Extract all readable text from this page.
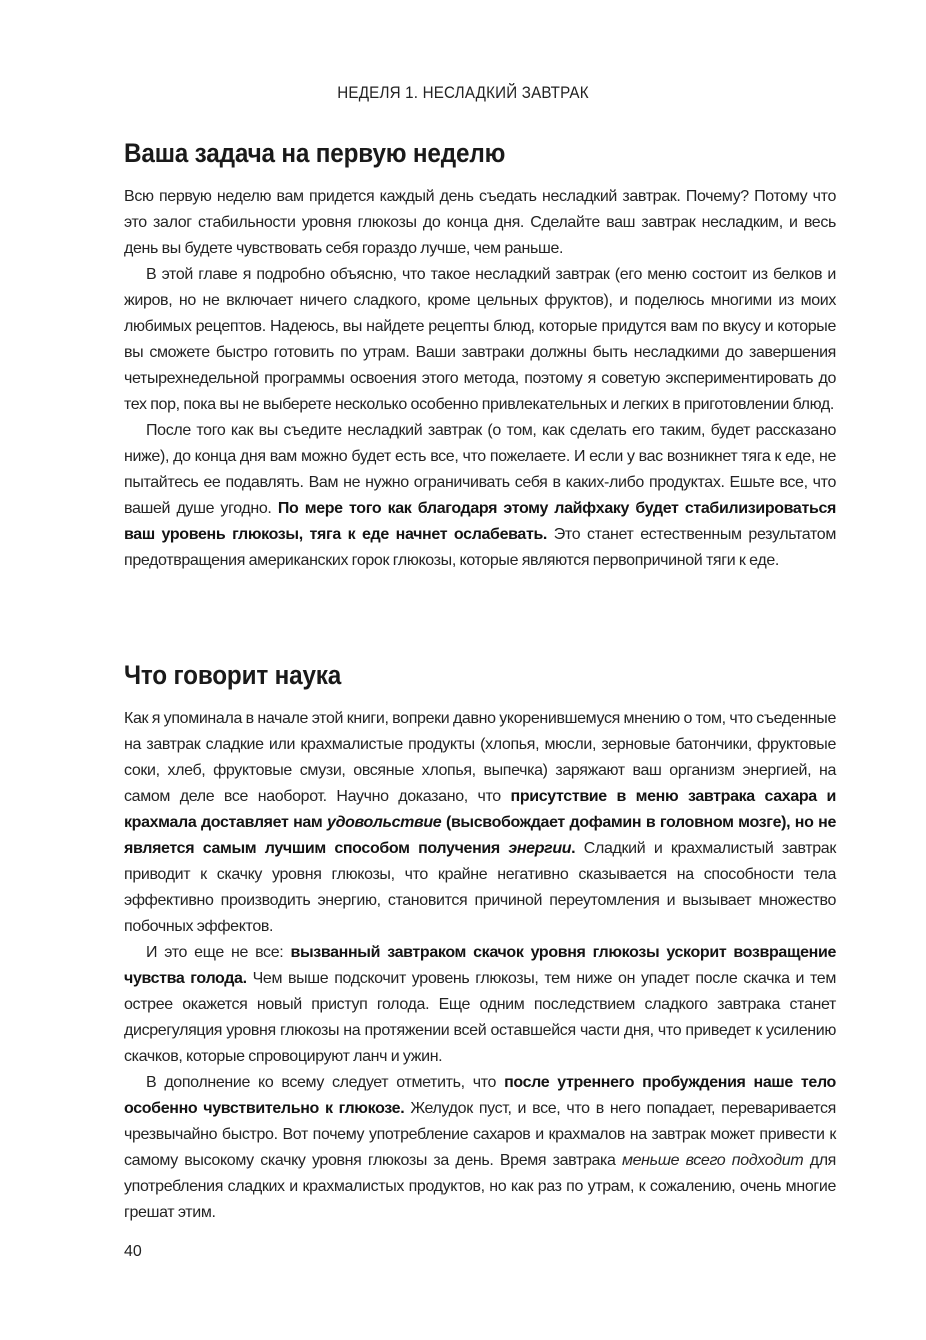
НЕДЕЛЯ 1. НЕСЛАДКИЙ ЗАВТРАК
Ваша задача на первую неделю

Всю первую неделю вам придется каждый день съедать несладкий завтрак. Почему? Потому что это залог стабильности уровня глюкозы до конца дня. Сделайте ваш завтрак несладким, и весь день вы будете чувствовать себя гораздо лучше, чем раньше.

В этой главе я подробно объясню, что такое несладкий завтрак (его меню состоит из белков и жиров, но не включает ничего сладкого, кроме цельных фруктов), и поделюсь многими из моих любимых рецептов. Надеюсь, вы найдете рецепты блюд, которые придутся вам по вкусу и которые вы сможете быстро готовить по утрам. Ваши завтраки должны быть несладкими до завершения четырехнедельной программы освоения этого метода, поэтому я советую экспериментировать до тех пор, пока вы не выберете несколько особенно привлекательных и легких в приготовлении блюд.

После того как вы съедите несладкий завтрак (о том, как сделать его таким, будет рассказано ниже), до конца дня вам можно будет есть все, что пожелаете. И если у вас возникнет тяга к еде, не пытайтесь ее подавлять. Вам не нужно ограничивать себя в каких-либо продуктах. Ешьте все, что вашей душе угодно. По мере того как благодаря этому лайфхаку будет стабилизироваться ваш уровень глюкозы, тяга к еде начнет ослабевать. Это станет естественным результатом предотвращения американских горок глюкозы, которые являются первопричиной тяги к еде.

Что говорит наука

Как я упоминала в начале этой книги, вопреки давно укоренившемуся мнению о том, что съеденные на завтрак сладкие или крахмалистые продукты (хлопья, мюсли, зерновые батончики, фруктовые соки, хлеб, фруктовые смузи, овсяные хлопья, выпечка) заряжают ваш организм энергией, на самом деле все наоборот. Научно доказано, что присутствие в меню завтрака сахара и крахмала доставляет нам удовольствие (высвобождает дофамин в головном мозге), но не является самым лучшим способом получения энергии. Сладкий и крахмалистый завтрак приводит к скачку уровня глюкозы, что крайне негативно сказывается на способности тела эффективно производить энергию, становится причиной переутомления и вызывает множество побочных эффектов.

И это еще не все: вызванный завтраком скачок уровня глюкозы ускорит возвращение чувства голода. Чем выше подскочит уровень глюкозы, тем ниже он упадет после скачка и тем острее окажется новый приступ голода. Еще одним последствием сладкого завтрака станет дисрегуляция уровня глюкозы на протяжении всей оставшейся части дня, что приведет к усилению скачков, которые спровоцируют ланч и ужин.

В дополнение ко всему следует отметить, что после утреннего пробуждения наше тело особенно чувствительно к глюкозе. Желудок пуст, и все, что в него попадает, переваривается чрезвычайно быстро. Вот почему употребление сахаров и крахмалов на завтрак может привести к самому высокому скачку уровня глюкозы за день. Время завтрака меньше всего подходит для употребления сладких и крахмалистых продуктов, но как раз по утрам, к сожалению, очень многие грешат этим.

40
